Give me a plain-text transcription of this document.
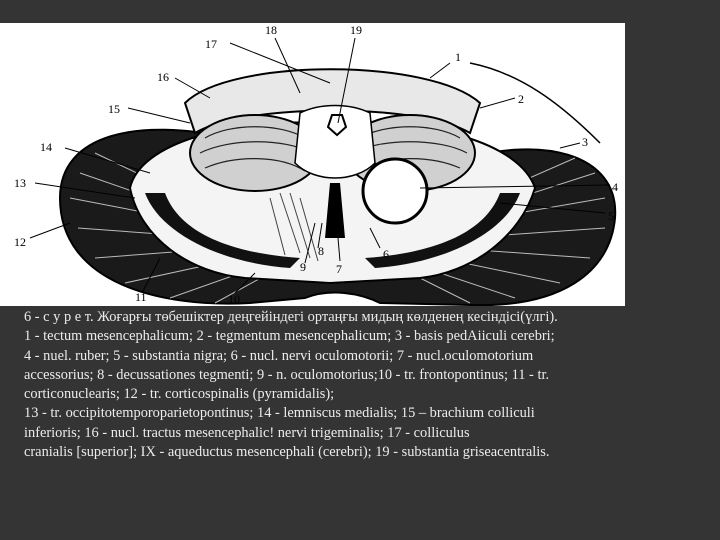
1
2
3
4
5
6
7
8
9
10
11
12
13
14
15
16
17
18	19
6 - с у р е т. Жоғарғы төбешіктер деңгейіндегі ортаңғы мидың көлденең кесіндісі(үлгі).
1 - tectum mesencephalicum; 2 - tegmentum mesencephalicum; 3 - basis pedAiiculi cerebri;
4 - nuel. ruber; 5 - substantia nigra; 6 - nucl. nervi oculomotorii; 7 - nucl.oculomotorium
accessorius; 8 - decussationes tegmenti; 9 - n. oculomotorius;10 - tr. frontopontinus; 11 - tr.
corticonuclearis; 12 - tr. corticospinalis (pyramidalis);
13 - tr. occipitotemporoparietopontinus; 14 - lemniscus medialis; 15 – brachium colliculi
inferioris; 16 - nucl. tractus mesencephalic! nervi trigeminalis; 17 - colliculus
cranialis [superior]; IX - aqueductus mesencephali (cerebri); 19 - substantia griseacentralis.
